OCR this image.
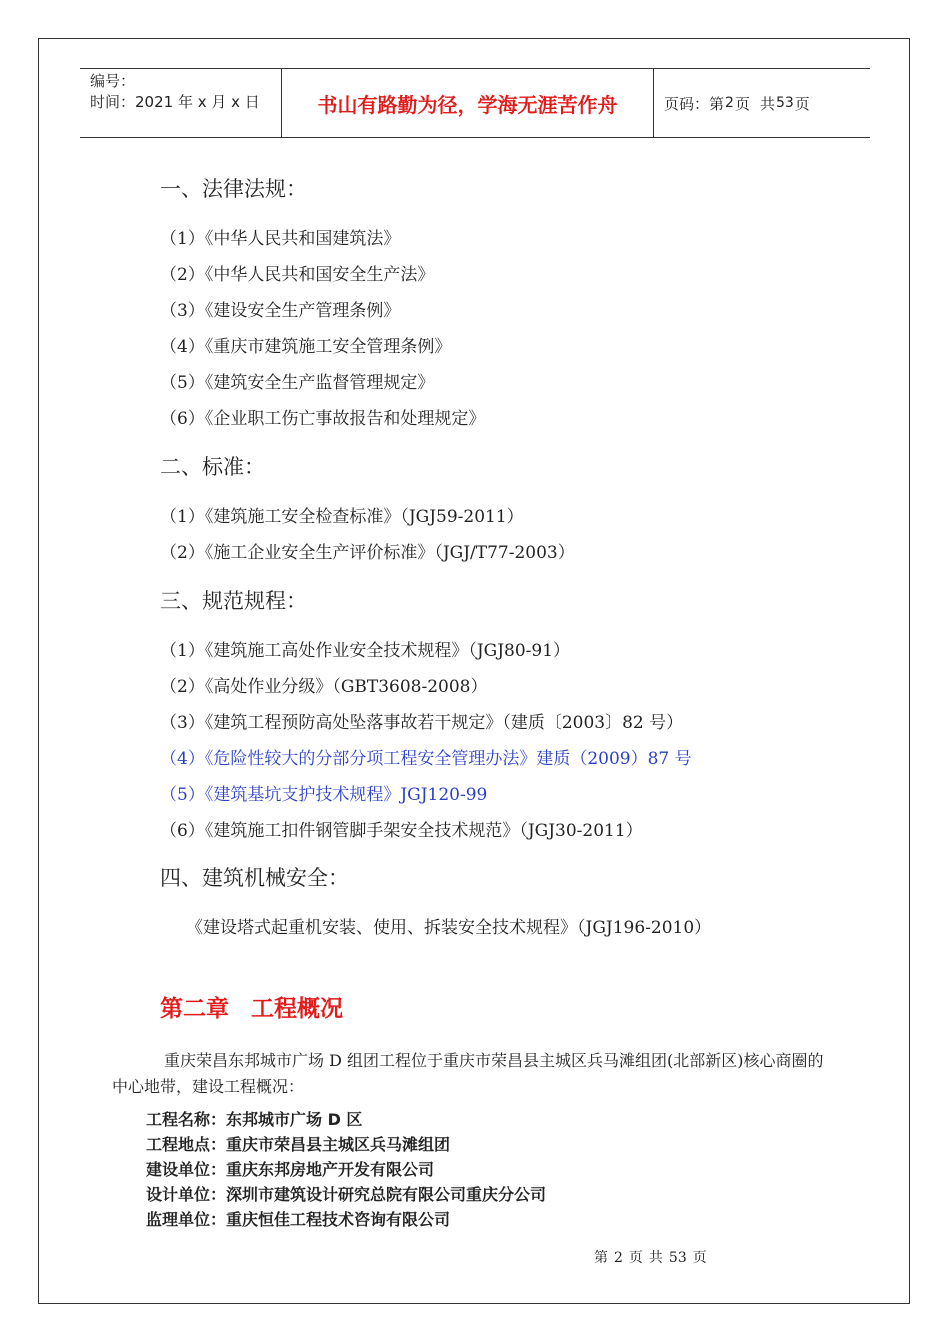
编号：
时间：2021 年 x 月 x 日	书山有路勤为径，学海无涯苦作舟	页码：第 2 页 共 53 页
一、法律法规：
（1）《中华人民共和国建筑法》
（2）《中华人民共和国安全生产法》
（3）《建设安全生产管理条例》
（4）《重庆市建筑施工安全管理条例》
（5）《建筑安全生产监督管理规定》
（6）《企业职工伤亡事故报告和处理规定》
二、标准：
（1）《建筑施工安全检查标准》（JGJ59-2011）
（2）《施工企业安全生产评价标准》（JGJ/T77-2003）
三、规范规程：
（1）《建筑施工高处作业安全技术规程》（JGJ80-91）
（2）《高处作业分级》（GBT3608-2008）
（3）《建筑工程预防高处坠落事故若干规定》（建质〔2003〕82 号）
（4）《危险性较大的分部分项工程安全管理办法》建质（2009）87 号
（5）《建筑基坑支护技术规程》JGJ120-99
（6）《建筑施工扣件钢管脚手架安全技术规范》（JGJ30-2011）
四、建筑机械安全：
《建设塔式起重机安装、使用、拆装安全技术规程》（JGJ196-2010）
第二章 工程概况
重庆荣昌东邦城市广场 D 组团工程位于重庆市荣昌县主城区兵马滩组团(北部新区)核心商圈的中心地带，建设工程概况：
工程名称：东邦城市广场 D 区
工程地点：重庆市荣昌县主城区兵马滩组团
建设单位：重庆东邦房地产开发有限公司
设计单位：深圳市建筑设计研究总院有限公司重庆分公司
监理单位：重庆恒佳工程技术咨询有限公司
第 2 页 共 53 页
